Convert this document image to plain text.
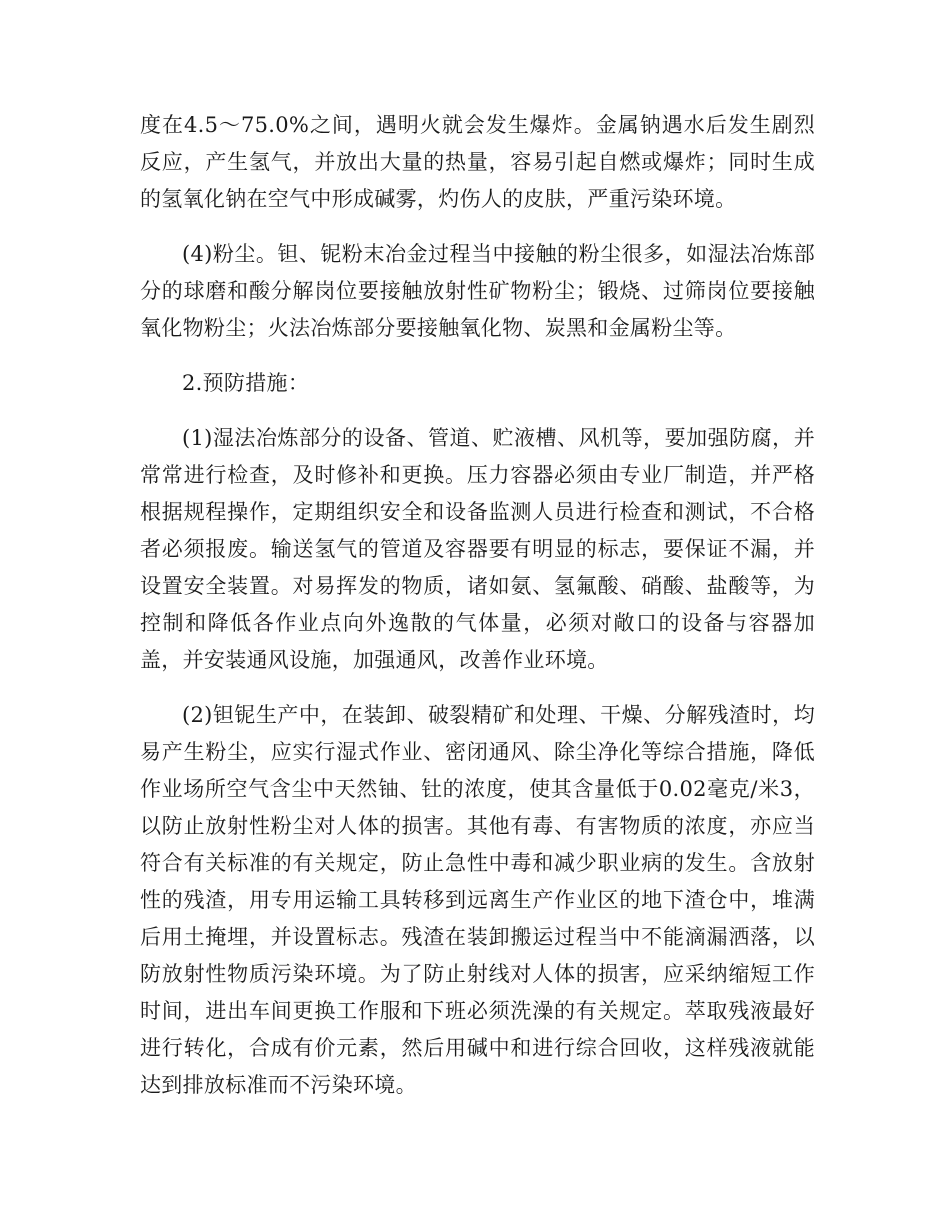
度在4.5～75.0%之间，遇明火就会发生爆炸。金属钠遇水后发生剧烈反应，产生氢气，并放出大量的热量，容易引起自燃或爆炸；同时生成的氢氧化钠在空气中形成碱雾，灼伤人的皮肤，严重污染环境。

(4)粉尘。钽、铌粉末冶金过程当中接触的粉尘很多，如湿法冶炼部分的球磨和酸分解岗位要接触放射性矿物粉尘；锻烧、过筛岗位要接触氧化物粉尘；火法冶炼部分要接触氧化物、炭黑和金属粉尘等。

2.预防措施：

(1)湿法冶炼部分的设备、管道、贮液槽、风机等，要加强防腐，并常常进行检查，及时修补和更换。压力容器必须由专业厂制造，并严格根据规程操作，定期组织安全和设备监测人员进行检查和测试，不合格者必须报废。输送氢气的管道及容器要有明显的标志，要保证不漏，并设置安全装置。对易挥发的物质，诸如氨、氢氟酸、硝酸、盐酸等，为控制和降低各作业点向外逸散的气体量，必须对敞口的设备与容器加盖，并安装通风设施，加强通风，改善作业环境。

(2)钽铌生产中，在装卸、破裂精矿和处理、干燥、分解残渣时，均易产生粉尘，应实行湿式作业、密闭通风、除尘净化等综合措施，降低作业场所空气含尘中天然铀、钍的浓度，使其含量低于0.02毫克/米3，以防止放射性粉尘对人体的损害。其他有毒、有害物质的浓度，亦应当符合有关标准的有关规定，防止急性中毒和减少职业病的发生。含放射性的残渣，用专用运输工具转移到远离生产作业区的地下渣仓中，堆满后用土掩埋，并设置标志。残渣在装卸搬运过程当中不能滴漏洒落，以防放射性物质污染环境。为了防止射线对人体的损害，应采纳缩短工作时间，进出车间更换工作服和下班必须洗澡的有关规定。萃取残液最好进行转化，合成有价元素，然后用碱中和进行综合回收，这样残液就能达到排放标准而不污染环境。
